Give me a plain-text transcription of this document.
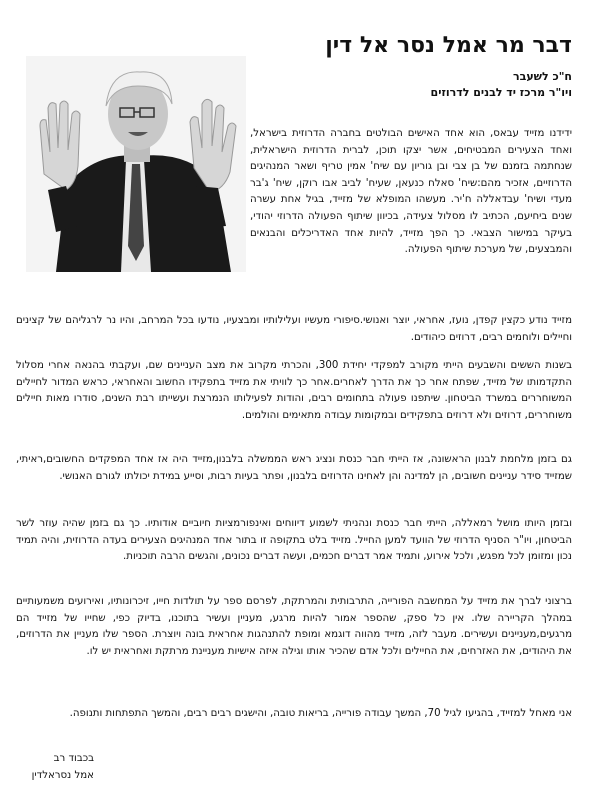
דבר מר אמל נסר אל דין
ח"כ לשעבר
ויו"ר מרכז יד לבנים לדרוזים

ידידנו מזייד עבאס, הוא אחד האישים הבולטים בחברה הדרוזית בישראל, ואחד הצעירים המבטיחים, אשר יצקו תוכן, לברית הדרוזית הישראלית, שנחתמה בזמנם של בן צבי ובן גוריון עם שיח' אמין טריף ושאר המנהיגים הדרוזיים, אזכיר מהם:שיח' סאלח כנעאן, שעיח' לביב אבו רוקן, שיח' ג'בר מעדי ושיח' עבדאללה ח'יר. מעשהו המופלא של מזייד, בגיל אחת עשרה שנים ביחיעם, הכתיב לו מסלול צעידה, בכיוון שיתוף הפעולה הדרוזי יהודי, בעיקר במישור הצבאי. כך הפך מזייד, להיות אחד האדריכלים והבנאים והמבצעים, של מערכת שיתוף הפעולה.

מזייד נודע כקצין קפדן, נועז, אחראי, יוצר ואנושי.סיפורי מעשיו ועלילותיו ומבצעיו, נודעו בכל המרחב, והיו נר לרגליהם של קצינים וחיילים ולוחמים רבים, דרוזים כיהודים.

בשנות הששים והשבעים הייתי מקורב למפקדי יחידת 300, והכרתי מקרוב את מצב העניינים שם, ועקבתי בהנאה אחרי מסלול התקדמותו של מזייד, שפתח אחר כך את הדרך לאחרים.אחר כך לוויתי את מזייד בתפקידו החשוב והאחראי, כראש המדור לחיילים המשוחררים במשרד הביטחון. שיתפנו פעולה בתחומים רבים, והודות לפעילותו הנמרצת ועשייתו רבת השנים, סודרו מאות חיילים משוחררים, דרוזים ולא דרוזים בתפקידים ובמקומות עבודה מתאימים והולמים.

גם בזמן מלחמת לבנון הראשונה, אז הייתי חבר כנסת ונציג ראש הממשלה בלבנון,מזייד היה אז אחד המפקדים החשובים,ראיתי, שמזייד סידר עניינים חשובים, הן למדינה והן לאחינו הדרוזים בלבנון, ופתר בעיות רבות, וסייע במידת יכולתו לגורם האנושי.

ובזמן היותו מושל רמאללה, הייתי חבר כנסת ונהניתי לשמוע דיווחים ואינפורמציות חיוביים אודותיו. כך גם בזמן שהיה עוזר לשר הביטחון, ויו"ר הסניף הדרוזי של הוועד למען החייל. מזייד בלט בתקופה זו בתור אחד המנהיגים הצעירים בעדה הדרוזית, והיה תמיד נכון ומזומן לכל מפגש, ולכל אירוע, ותמיד אמר דברים חכמים, ועשה דברים נכונים, והגשים הרבה תוכניות.

ברצוני לברך את מזייד על המחשבה הפורייה, התרבותית והמרתקת, לפרסם ספר על תולדות חייו, זיכרונותיו, ואירועים משמעותיים במהלך הקריירה שלו. אין כל ספק, שהספר אמור להיות מרגע, מעניין ועשיר בתוכנו, בדיוק כפי, שחייו של מזייד הם מרגעים,מעניינים ועשירים. מעבר לזה, מזייד מהווה דוגמא ומופת להתנהגות אחראית בונה ויוצרת. הספר שלו מעניין את הדרוזים, את היהודים, את האזרחים, את החיילים ולכל אדם שהכיר אותו וגילה איזה אישיות מעניינת מרתקת ואחראית יש לו.

אני מאחל למזייד, בהגיעו לגיל 70, המשך עבודה פורייה, בריאות טובה, והישגים רבים רבים, והמשך התפתחות ותנופה.

בכבוד רב
אמל נסראלדין
